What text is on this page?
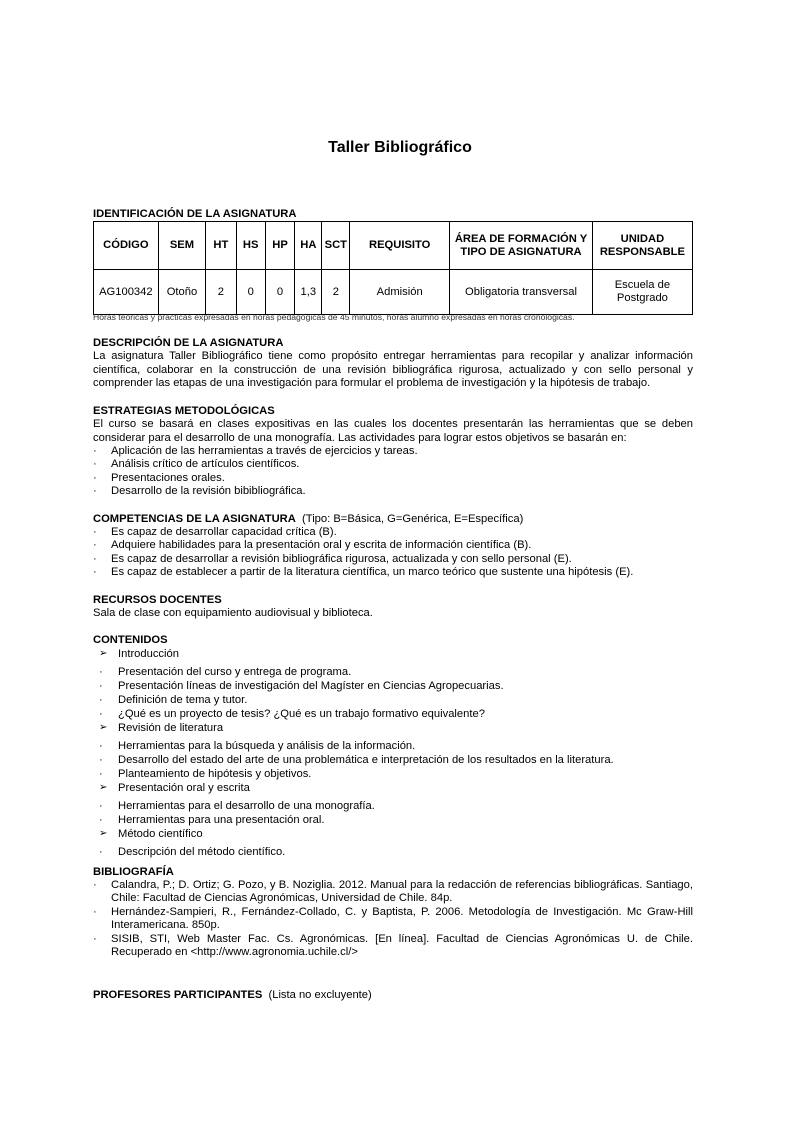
Taller Bibliográfico
IDENTIFICACIÓN DE LA ASIGNATURA
CÓDIGO	SEM	HT	HS	HP	HA	SCT	REQUISITO	ÁREA DE FORMACIÓN Y TIPO DE ASIGNATURA	UNIDAD RESPONSABLE
AG100342	Otoño	2	0	0	1,3	2	Admisión	Obligatoria transversal	Escuela de Postgrado
Horas teóricas y prácticas expresadas en horas pedagógicas de 45 minutos, horas alumno expresadas en horas cronológicas.
DESCRIPCIÓN DE LA ASIGNATURA

La asignatura Taller Bibliográfico tiene como propósito entregar herramientas para recopilar y analizar información científica, colaborar en la construcción de una revisión bibliográfica rigurosa, actualizado y con sello personal y comprender las etapas de una investigación para formular el problema de investigación y la hipótesis de trabajo.

ESTRATEGIAS METODOLÓGICAS

El curso se basará en clases expositivas en las cuales los docentes presentarán las herramientas que se deben considerar para el desarrollo de una monografía. Las actividades para lograr estos objetivos se basarán en:

· Aplicación de las herramientas a través de ejercicios y tareas.
· Análisis crítico de artículos científicos.
· Presentaciones orales.
· Desarrollo de la revisión bibibliográfica.
COMPETENCIAS DE LA ASIGNATURA (Tipo: B=Básica, G=Genérica, E=Específica)
· Es capaz de desarrollar capacidad crítica (B).
· Adquiere habilidades para la presentación oral y escrita de información científica (B).
· Es capaz de desarrollar a revisión bibliográfica rigurosa, actualizada y con sello personal (E).
· Es capaz de establecer a partir de la literatura científica, un marco teórico que sustente una hipótesis (E).
RECURSOS DOCENTES

Sala de clase con equipamiento audiovisual y biblioteca.

CONTENIDOS
➢ Introducción
· Presentación del curso y entrega de programa.
· Presentación líneas de investigación del Magíster en Ciencias Agropecuarias.
· Definición de tema y tutor.
· ¿Qué es un proyecto de tesis? ¿Qué es un trabajo formativo equivalente?
➢ Revisión de literatura
· Herramientas para la búsqueda y análisis de la información.
· Desarrollo del estado del arte de una problemática e interpretación de los resultados en la literatura.
· Planteamiento de hipótesis y objetivos.
➢ Presentación oral y escrita
· Herramientas para el desarrollo de una monografía.
· Herramientas para una presentación oral.
➢ Método científico
· Descripción del método científico.
BIBLIOGRAFÍA
· Calandra, P.; D. Ortiz; G. Pozo, y B. Noziglia. 2012. Manual para la redacción de referencias bibliográficas. Santiago, Chile: Facultad de Ciencias Agronómicas, Universidad de Chile. 84p.
· Hernández-Sampieri, R., Fernández-Collado, C. y Baptista, P. 2006. Metodología de Investigación. Mc Graw-Hill Interamericana. 850p.
· SISIB, STI, Web Master Fac. Cs. Agronómicas. [En línea]. Facultad de Ciencias Agronómicas U. de Chile. Recuperado en <http://www.agronomia.uchile.cl/>
PROFESORES PARTICIPANTES (Lista no excluyente)
